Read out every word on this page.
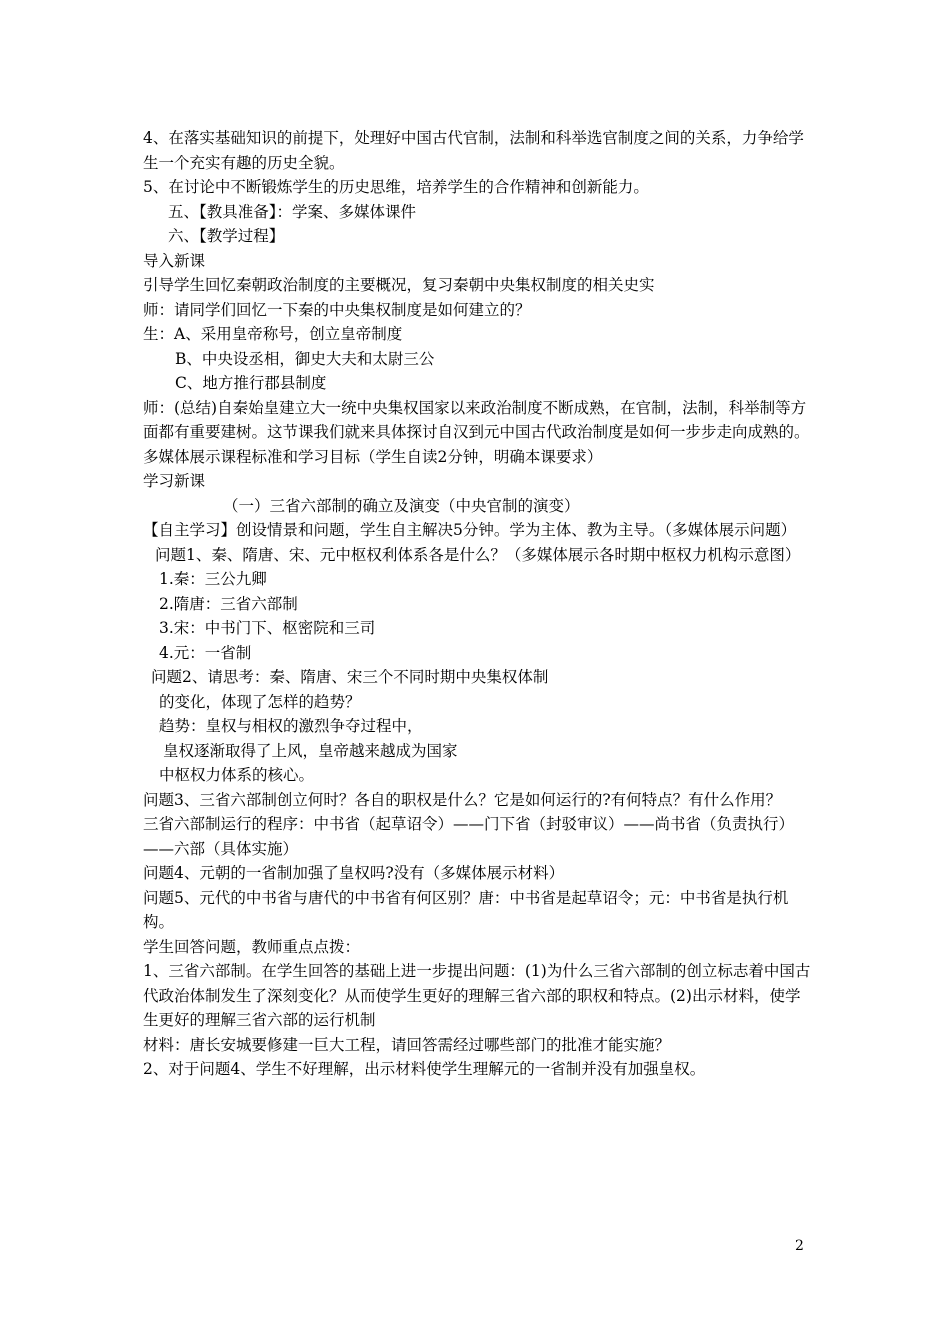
4、在落实基础知识的前提下，处理好中国古代官制，法制和科举选官制度之间的关系，力争给学生一个充实有趣的历史全貌。
5、在讨论中不断锻炼学生的历史思维，培养学生的合作精神和创新能力。
五、【教具准备】：学案、多媒体课件
六、【教学过程】
导入新课
引导学生回忆秦朝政治制度的主要概况，复习秦朝中央集权制度的相关史实
师：请同学们回忆一下秦的中央集权制度是如何建立的？
生：A、采用皇帝称号，创立皇帝制度
B、中央设丞相，御史大夫和太尉三公
C、地方推行郡县制度
师：(总结)自秦始皇建立大一统中央集权国家以来政治制度不断成熟，在官制，法制，科举制等方面都有重要建树。这节课我们就来具体探讨自汉到元中国古代政治制度是如何一步步走向成熟的。
多媒体展示课程标准和学习目标（学生自读2分钟，明确本课要求）
学习新课
（一）三省六部制的确立及演变（中央官制的演变）
【自主学习】创设情景和问题，学生自主解决5分钟。学为主体、教为主导。（多媒体展示问题）
问题1、秦、隋唐、宋、元中枢权利体系各是什么？（多媒体展示各时期中枢权力机构示意图）
1.秦：三公九卿
2.隋唐：三省六部制
3.宋：中书门下、枢密院和三司
4.元：一省制
问题2、请思考：秦、隋唐、宋三个不同时期中央集权体制
的变化，体现了怎样的趋势？
趋势：皇权与相权的激烈争夺过程中，
皇权逐渐取得了上风，皇帝越来越成为国家
中枢权力体系的核心。
问题3、三省六部制创立何时？各自的职权是什么？它是如何运行的?有何特点？有什么作用？
三省六部制运行的程序：中书省（起草诏令）——门下省（封驳审议）——尚书省（负责执行）——六部（具体实施）
问题4、元朝的一省制加强了皇权吗?没有（多媒体展示材料）
问题5、元代的中书省与唐代的中书省有何区别？唐：中书省是起草诏令；元：中书省是执行机构。
学生回答问题，教师重点点拨：
1、三省六部制。在学生回答的基础上进一步提出问题：(1)为什么三省六部制的创立标志着中国古代政治体制发生了深刻变化？从而使学生更好的理解三省六部的职权和特点。(2)出示材料，使学生更好的理解三省六部的运行机制
材料：唐长安城要修建一巨大工程，请回答需经过哪些部门的批准才能实施？
2、对于问题4、学生不好理解，出示材料使学生理解元的一省制并没有加强皇权。
2
